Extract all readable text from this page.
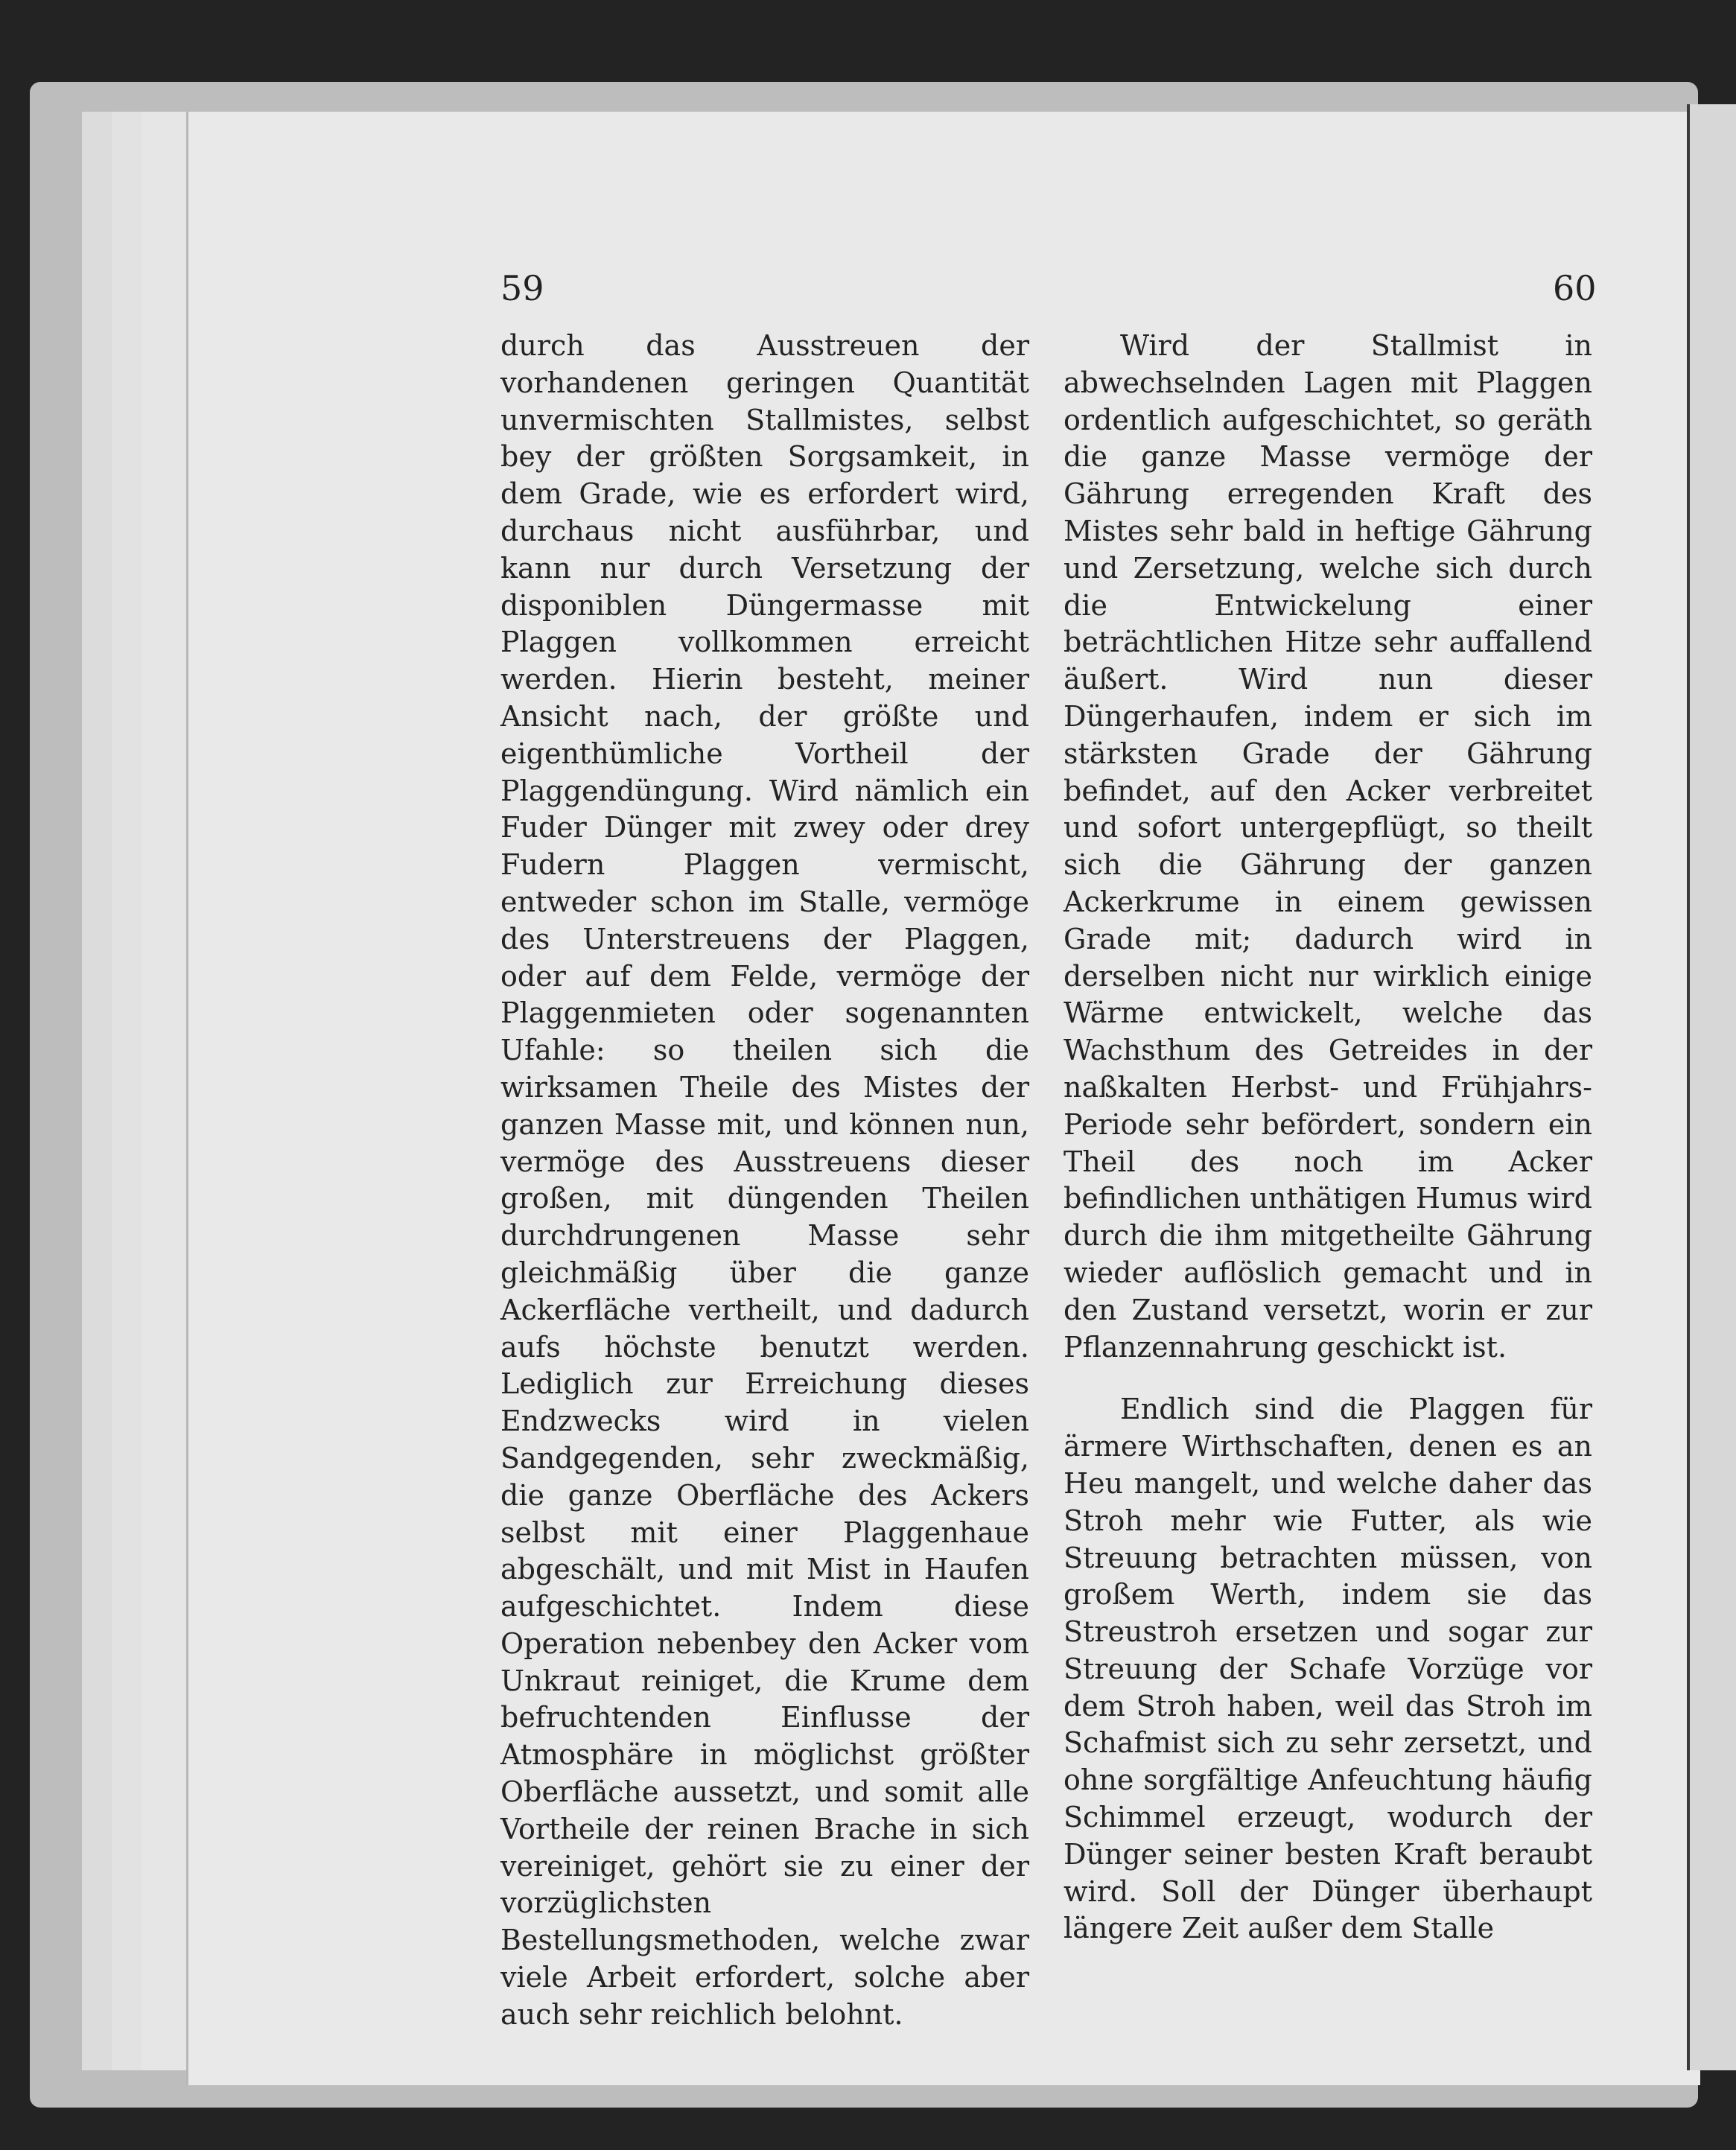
59	60

durch das Ausstreuen der vorhandenen geringen Quantität unvermischten Stallmistes, selbst bey der größten Sorgsamkeit, in dem Grade, wie es erfordert wird, durchaus nicht ausführbar, und kann nur durch Versetzung der disponiblen Düngermasse mit Plaggen vollkommen erreicht werden. Hierin besteht, meiner Ansicht nach, der größte und eigenthümliche Vortheil der Plaggendüngung. Wird nämlich ein Fuder Dünger mit zwey oder drey Fudern Plaggen vermischt, entweder schon im Stalle, vermöge des Unterstreuens der Plaggen, oder auf dem Felde, vermöge der Plaggenmieten oder sogenannten Ufahle: so theilen sich die wirksamen Theile des Mistes der ganzen Masse mit, und können nun, vermöge des Ausstreuens dieser großen, mit düngenden Theilen durchdrungenen Masse sehr gleichmäßig über die ganze Ackerfläche vertheilt, und dadurch aufs höchste benutzt werden. Lediglich zur Erreichung dieses Endzwecks wird in vielen Sandgegenden, sehr zweckmäßig, die ganze Oberfläche des Ackers selbst mit einer Plaggenhaue abgeschält, und mit Mist in Haufen aufgeschichtet. Indem diese Operation nebenbey den Acker vom Unkraut reiniget, die Krume dem befruchtenden Einflusse der Atmosphäre in möglichst größter Oberfläche aussetzt, und somit alle Vortheile der reinen Brache in sich vereiniget, gehört sie zu einer der vorzüglichsten Bestellungsmethoden, welche zwar viele Arbeit erfordert, solche aber auch sehr reichlich belohnt.

Wird der Stallmist in abwechselnden Lagen mit Plaggen ordentlich aufgeschichtet, so geräth die ganze Masse vermöge der Gährung erregenden Kraft des Mistes sehr bald in heftige Gährung und Zersetzung, welche sich durch die Entwickelung einer beträchtlichen Hitze sehr auffallend äußert. Wird nun dieser Düngerhaufen, indem er sich im stärksten Grade der Gährung befindet, auf den Acker verbreitet und sofort untergepflügt, so theilt sich die Gährung der ganzen Ackerkrume in einem gewissen Grade mit; dadurch wird in derselben nicht nur wirklich einige Wärme entwickelt, welche das Wachsthum des Getreides in der naßkalten Herbst- und Frühjahrs-Periode sehr befördert, sondern ein Theil des noch im Acker befindlichen unthätigen Humus wird durch die ihm mitgetheilte Gährung wieder auflöslich gemacht und in den Zustand versetzt, worin er zur Pflanzennahrung geschickt ist.

Endlich sind die Plaggen für ärmere Wirthschaften, denen es an Heu mangelt, und welche daher das Stroh mehr wie Futter, als wie Streuung betrachten müssen, von großem Werth, indem sie das Streustroh ersetzen und sogar zur Streuung der Schafe Vorzüge vor dem Stroh haben, weil das Stroh im Schafmist sich zu sehr zersetzt, und ohne sorgfältige Anfeuchtung häufig Schimmel erzeugt, wodurch der Dünger seiner besten Kraft beraubt wird. Soll der Dünger überhaupt längere Zeit außer dem Stalle
